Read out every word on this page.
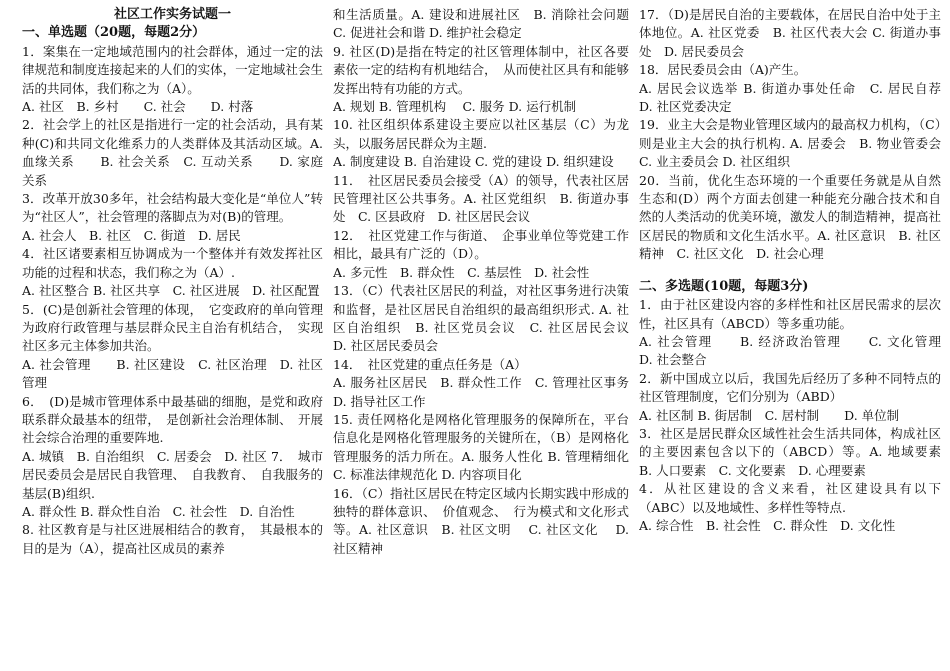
社区工作实务试题一
一、单选题（20题，每题2分）

1．案集在一定地域范围内的社会群体，通过一定的法律规范和制度连接起来的人们的实体，一定地域社会生活的共同体，我们称之为（A）。

A. 社区　B. 乡村　　C. 社会　　D. 村落

2．社会学上的社区是指进行一定的社会活动，具有某种(C)和共同文化维系力的人类群体及其活动区域。A. 血缘关系　　B. 社会关系　C. 互动关系　　D. 家庭关系

3．改革开放30多年，社会结构最大变化是“单位人”转为“社区人”，社会管理的落脚点为对(B)的管理。

A. 社会人　B. 社区　C. 街道　D. 居民

4．社区诸要素相互协调成为一个整体并有效发挥社区功能的过程和状态，我们称之为（A）.

A. 社区整合 B. 社区共享　C. 社区进展　D. 社区配置

5．(C)是创新社会管理的体现，　它变政府的单向管理为政府行政管理与基层群众民主自治有机结合，　实现社区多元主体参加共治。

A. 社会管理　　B. 社区建设　C. 社区治理　D. 社区管理

6．　(D)是城市管理体系中最基础的细胞，是党和政府联系群众最基本的纽带，　是创新社会治理体制、　开展社会综合治理的重要阵地.

A. 城镇　B. 自治组织　C. 居委会　D. 社区 7．　城市居民委员会是居民自我管理、　自我教育、　自我服务的基层(B)组织.

A. 群众性 B. 群众性自治　C. 社会性　D. 自治性

8. 社区教育是与社区进展相结合的教育，　其最根本的目的是为（A），提高社区成员的素养

和生活质量。A. 建设和进展社区　B. 消除社会问题 C. 促进社会和谐 D. 维护社会稳定

9. 社区(D)是指在特定的社区管理体制中，社区各要素依一定的结构有机地结合，　从而使社区具有和能够发挥出特有功能的方式。

A. 规划 B. 管理机构　 C. 服务 D. 运行机制

10. 社区组织体系建设主要应以社区基层（C）为龙头，以服务居民群众为主题.

A. 制度建设 B. 自治建设 C. 党的建设 D. 组织建设

11．　社区居民委员会接受（A）的领导，代表社区居民管理社区公共事务。A. 社区党组织　B. 街道办事处　C. 区县政府　D. 社区居民会议

12．　社区党建工作与街道、　企事业单位等党建工作相比，最具有广泛的（D）。

A. 多元性　B. 群众性　C. 基层性　D. 社会性

13．（C）代表社区居民的利益，对社区事务进行决策和监督，是社区居民自治组织的最高组织形式. A. 社区自治组织　B. 社区党员会议　C. 社区居民会议　D. 社区居民委员会

14．　社区党建的重点任务是（A）

A. 服务社区居民　B. 群众性工作　C. 管理社区事务　　D. 指导社区工作

15. 责任网格化是网格化管理服务的保障所在，平台信息化是网格化管理服务的关键所在，（B）是网格化管理服务的活力所在。A. 服务人性化 B. 管理精细化　C. 标准法律规范化 D. 内容项目化

16．（C）指社区居民在特定区域内长期实践中形成的独特的群体意识、　价值观念、　行为模式和文化形式等。A. 社区意识　B. 社区文明　 C. 社区文化　 D. 社区精神

17．（D)是居民自治的主要载体，在居民自治中处于主体地位。A. 社区党委　B. 社区代表大会 C. 街道办事处　D. 居民委员会

18．居民委员会由（A)产生。

A. 居民会议选举 B. 街道办事处任命　C. 居民自荐　　D. 社区党委决定

19．业主大会是物业管理区域内的最高权力机构，（C）则是业主大会的执行机构. A. 居委会　B. 物业管委会 C. 业主委员会 D. 社区组织

20．当前，优化生态环境的一个重要任务就是从自然生态和(D）两个方面去创建一种能充分融合技术和自然的人类活动的优美环境，激发人的制造精神，提高社区居民的物质和文化生活水平。A. 社区意识　B. 社区精神　C. 社区文化　D. 社会心理

二、多选题(10题，每题3分)

1．由于社区建设内容的多样性和社区居民需求的层次性，社区具有（ABCD）等多重功能。

A. 社会管理　　B. 经济政治管理　　C. 文化管理　　　D. 社会整合

2．新中国成立以后，我国先后经历了多种不同特点的社区管理制度，它们分别为（ABD）

A. 社区制 B. 街居制　C. 居村制　　D. 单位制

3．社区是居民群众区域性社会生活共同体，构成社区的主要因素包含以下的（ABCD）等。A. 地域要素　B. 人口要素　C. 文化要素　D. 心理要素

4．从社区建设的含义来看，社区建设具有以下（ABC）以及地域性、多样性等特点.

A. 综合性　B. 社会性　C. 群众性　D. 文化性
